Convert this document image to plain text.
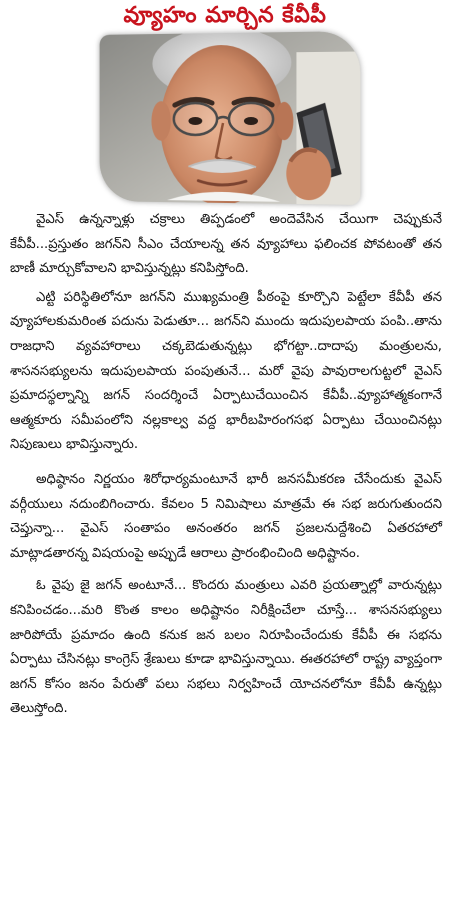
వ్యూహం మార్చిన కేవీపీ

వైఎస్ ఉన్నన్నాళ్లు చక్రాలు తిప్పడంలో అందెవేసిన చేయిగా చెప్పుకునే కేవీపీ...ప్రస్తుతం జగన్‌ని సీఎం చేయాలన్న తన వ్యూహాలు ఫలించక పోవటంతో తన బాణీ మార్చుకోవాలని భావిస్తున్నట్లు కనిపిస్తోంది.

ఎట్టి పరిస్థితిలోనూ జగన్‌ని ముఖ్యమంత్రి పీఠంపై కూర్చొని పెట్టేలా కేవీపీ తన వ్యూహాలకుమరింత పదును పెడుతూ... జగన్‌ని ముందు ఇదుపులపాయ పంపి..తాను రాజధాని వ్యవహారాలు చక్కబెడుతున్నట్లు భోగట్టా..దాదాపు మంత్రులను, శాసనసభ్యులను ఇదుపులపాయ పంపుతునే... మరో వైపు పావురాలగుట్టలో వైఎస్ ప్రమాదస్థల్నాన్ని జగన్ సందర్శించే ఏర్పాటుచేయించిన కేవీపీ..వ్యూహాత్మకంగానే ఆత్మకూరు సమీపంలోని నల్లకాల్వ వద్ద భారీబహిరంగసభ ఏర్పాటు చేయించినట్లు నిపుణులు భావిస్తున్నారు.

అధిష్ఠానం నిర్ణయం శిరోధార్యమంటూనే భారీ జనసమీకరణ చేసేందుకు వైఎస్ వర్గీయులు నదుంబిగించారు. కేవలం 5 నిమిషాలు మాత్రమే ఈ సభ జరుగుతుందని చెప్తున్నా... వైఎస్ సంతాపం అనంతరం జగన్ ప్రజలనుద్దేశించి ఏతరహాలో మాట్లాడతారన్న విషయంపై అప్పుడే ఆరాలు ప్రారంభించింది అధిష్టానం.

ఓ వైపు జై జగన్ అంటూనే... కొందరు మంత్రులు ఎవరి ప్రయత్నాల్లో వారున్నట్లు కనిపించడం...మరి కొంత కాలం అధిష్టానం నిరీక్షించేలా చూస్తే... శాసనసభ్యులు జారిపోయే ప్రమాదం ఉంది కనుక జన బలం నిరూపించేందుకు కేవీపీ ఈ సభను ఏర్పాటు చేసినట్లు కాంగ్రెస్ శ్రేణులు కూడా భావిస్తున్నాయి. ఈతరహాలో రాష్ట్ర వ్యాప్తంగా జగన్ కోసం జనం పేరుతో పలు సభలు నిర్వహించే యోచనలోనూ కేవీపీ ఉన్నట్లు తెలుస్తోంది.
